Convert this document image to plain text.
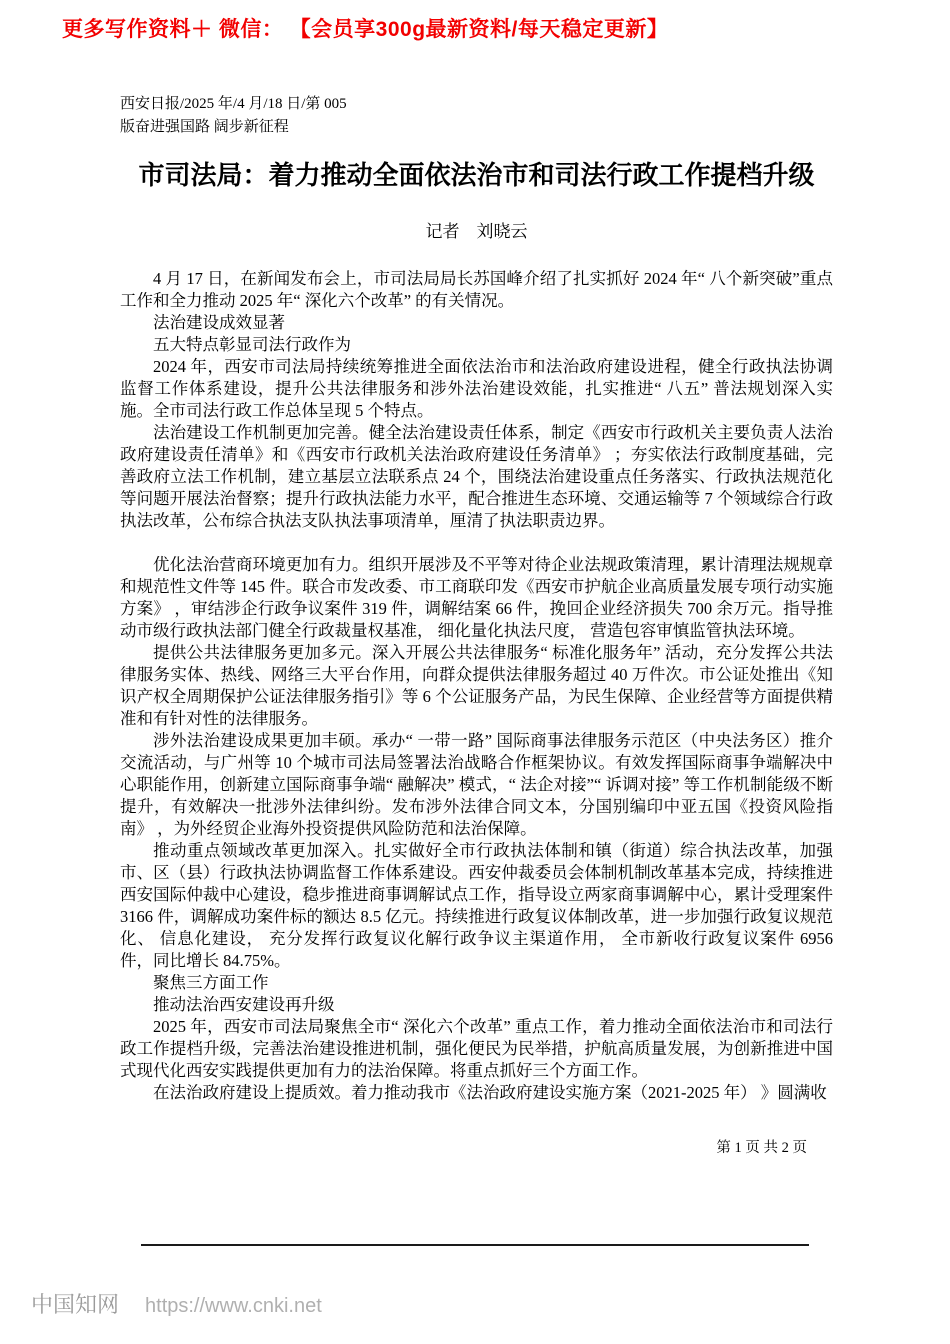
更多写作资料＋ 微信： 【会员享300g最新资料/每天稳定更新】
西安日报/2025 年/4 月/18 日/第 005
版奋进强国路 阔步新征程
市司法局：着力推动全面依法治市和司法行政工作提档升级
记者　刘晓云

4 月 17 日，在新闻发布会上，市司法局局长苏国峰介绍了扎实抓好 2024 年“ 八个新突破”重点工作和全力推动 2025 年“ 深化六个改革” 的有关情况。

法治建设成效显著

五大特点彰显司法行政作为

2024 年，西安市司法局持续统筹推进全面依法治市和法治政府建设进程，健全行政执法协调监督工作体系建设，提升公共法律服务和涉外法治建设效能，扎实推进“ 八五” 普法规划深入实施。全市司法行政工作总体呈现 5 个特点。

法治建设工作机制更加完善。健全法治建设责任体系，制定《西安市行政机关主要负责人法治政府建设责任清单》和《西安市行政机关法治政府建设任务清单》 ；夯实依法行政制度基础，完善政府立法工作机制，建立基层立法联系点 24 个，围绕法治建设重点任务落实、行政执法规范化等问题开展法治督察；提升行政执法能力水平，配合推进生态环境、交通运输等 7 个领域综合行政执法改革，公布综合执法支队执法事项清单，厘清了执法职责边界。

优化法治营商环境更加有力。组织开展涉及不平等对待企业法规政策清理，累计清理法规规章和规范性文件等 145 件。联合市发改委、市工商联印发《西安市护航企业高质量发展专项行动实施方案》 ，审结涉企行政争议案件 319 件，调解结案 66 件，挽回企业经济损失 700 余万元。指导推动市级行政执法部门健全行政裁量权基准， 细化量化执法尺度， 营造包容审慎监管执法环境。

提供公共法律服务更加多元。深入开展公共法律服务“ 标准化服务年” 活动，充分发挥公共法律服务实体、热线、网络三大平台作用，向群众提供法律服务超过 40 万件次。市公证处推出《知识产权全周期保护公证法律服务指引》等 6 个公证服务产品，为民生保障、企业经营等方面提供精准和有针对性的法律服务。

涉外法治建设成果更加丰硕。承办“ 一带一路” 国际商事法律服务示范区（中央法务区）推介交流活动，与广州等 10 个城市司法局签署法治战略合作框架协议。有效发挥国际商事争端解决中心职能作用，创新建立国际商事争端“ 融解决” 模式，“ 法企对接”“ 诉调对接” 等工作机制能级不断提升，有效解决一批涉外法律纠纷。发布涉外法律合同文本，分国别编印中亚五国《投资风险指南》 ，为外经贸企业海外投资提供风险防范和法治保障。

推动重点领域改革更加深入。扎实做好全市行政执法体制和镇（街道）综合执法改革，加强市、区（县）行政执法协调监督工作体系建设。西安仲裁委员会体制机制改革基本完成，持续推进西安国际仲裁中心建设，稳步推进商事调解试点工作，指导设立两家商事调解中心，累计受理案件 3166 件，调解成功案件标的额达 8.5 亿元。持续推进行政复议体制改革，进一步加强行政复议规范化、 信息化建设， 充分发挥行政复议化解行政争议主渠道作用， 全市新收行政复议案件 6956 件，同比增长 84.75%。

聚焦三方面工作

推动法治西安建设再升级

2025 年，西安市司法局聚焦全市“ 深化六个改革” 重点工作，着力推动全面依法治市和司法行政工作提档升级，完善法治建设推进机制，强化便民为民举措，护航高质量发展，为创新推进中国式现代化西安实践提供更加有力的法治保障。将重点抓好三个方面工作。

在法治政府建设上提质效。着力推动我市《法治政府建设实施方案（2021-2025 年） 》圆满收

第 1 页 共 2 页
中国知网 https://www.cnki.net
